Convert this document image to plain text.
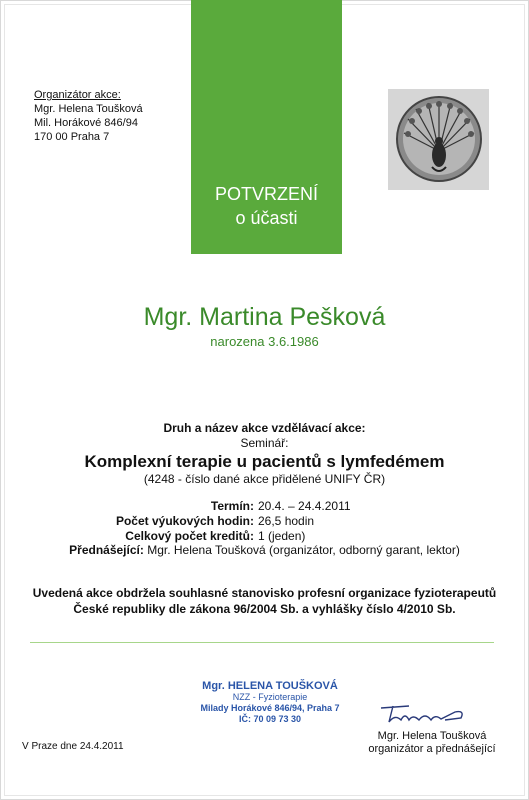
Organizátor akce:
Mgr. Helena Toušková
Mil. Horákové 846/94
170 00 Praha 7
POTVRZENÍ
o účasti
Mgr. Martina Pešková
narozena 3.6.1986
Druh a název akce vzdělávací akce:
Seminář:
Komplexní terapie u pacientů s lymfedémem
(4248 - číslo dané akce přidělené UNIFY ČR)
Termín: 20.4. – 24.4.2011
Počet výukových hodin: 26,5 hodin
Celkový počet kreditů: 1 (jeden)
Přednášející: Mgr. Helena Toušková (organizátor, odborný garant, lektor)
Uvedená akce obdržela souhlasné stanovisko profesní organizace fyzioterapeutů
České republiky dle zákona 96/2004 Sb. a vyhlášky číslo 4/2010 Sb.
Mgr. HELENA TOUŠKOVÁ
NZZ - Fyzioterapie
Milady Horákové 846/94, Praha 7
IČ: 70 09 73 30
V Praze dne 24.4.2011
Mgr. Helena Toušková
organizátor a přednášející
